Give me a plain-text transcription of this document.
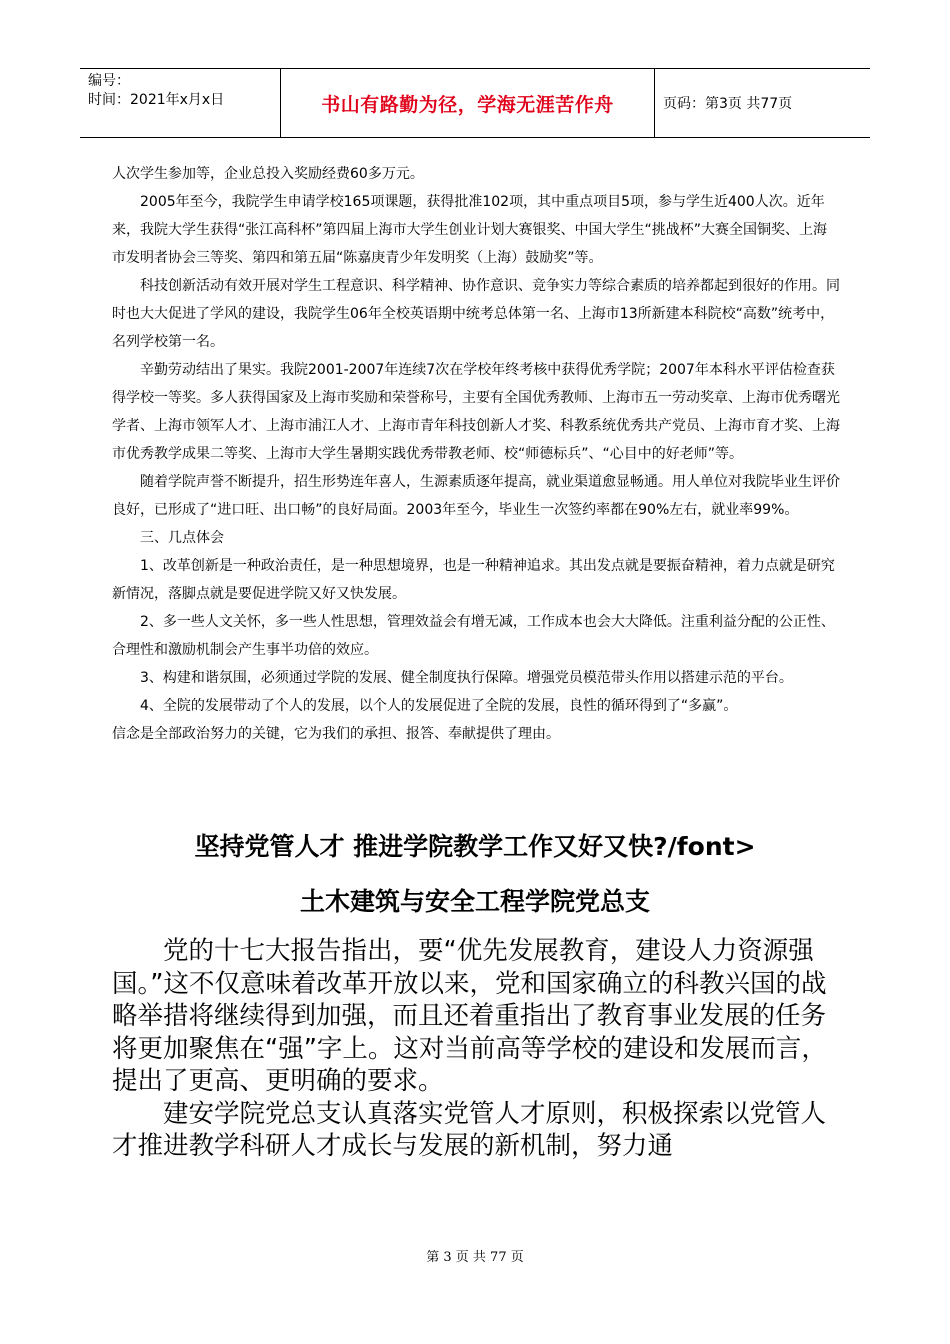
编号：
时间：2021年x月x日	书山有路勤为径，学海无涯苦作舟	页码：第3页 共77页

人次学生参加等，企业总投入奖励经费60多万元。

2005年至今，我院学生申请学校165项课题，获得批准102项，其中重点项目5项，参与学生近400人次。近年来，我院大学生获得“张江高科杯”第四届上海市大学生创业计划大赛银奖、中国大学生“挑战杯”大赛全国铜奖、上海市发明者协会三等奖、第四和第五届“陈嘉庚青少年发明奖（上海）鼓励奖”等。

科技创新活动有效开展对学生工程意识、科学精神、协作意识、竞争实力等综合素质的培养都起到很好的作用。同时也大大促进了学风的建设，我院学生06年全校英语期中统考总体第一名、上海市13所新建本科院校“高数”统考中，名列学校第一名。

辛勤劳动结出了果实。我院2001-2007年连续7次在学校年终考核中获得优秀学院；2007年本科水平评估检查获得学校一等奖。多人获得国家及上海市奖励和荣誉称号，主要有全国优秀教师、上海市五一劳动奖章、上海市优秀曙光学者、上海市领军人才、上海市浦江人才、上海市青年科技创新人才奖、科教系统优秀共产党员、上海市育才奖、上海市优秀教学成果二等奖、上海市大学生暑期实践优秀带教老师、校“师德标兵”、“心目中的好老师”等。

随着学院声誉不断提升，招生形势连年喜人，生源素质逐年提高，就业渠道愈显畅通。用人单位对我院毕业生评价良好，已形成了“进口旺、出口畅”的良好局面。2003年至今，毕业生一次签约率都在90%左右，就业率99%。

三、几点体会

1、改革创新是一种政治责任，是一种思想境界，也是一种精神追求。其出发点就是要振奋精神，着力点就是研究新情况，落脚点就是要促进学院又好又快发展。

2、多一些人文关怀，多一些人性思想，管理效益会有增无减，工作成本也会大大降低。注重利益分配的公正性、合理性和激励机制会产生事半功倍的效应。

3、构建和谐氛围，必须通过学院的发展、健全制度执行保障。增强党员模范带头作用以搭建示范的平台。

4、全院的发展带动了个人的发展，以个人的发展促进了全院的发展，良性的循环得到了“多赢”。

信念是全部政治努力的关键，它为我们的承担、报答、奉献提供了理由。

坚持党管人才 推进学院教学工作又好又快?/font>
土木建筑与安全工程学院党总支

党的十七大报告指出，要“优先发展教育，建设人力资源强国。”这不仅意味着改革开放以来，党和国家确立的科教兴国的战略举措将继续得到加强，而且还着重指出了教育事业发展的任务将更加聚焦在“强”字上。这对当前高等学校的建设和发展而言，提出了更高、更明确的要求。

建安学院党总支认真落实党管人才原则，积极探索以党管人才推进教学科研人才成长与发展的新机制，努力通

第 3 页 共 77 页
